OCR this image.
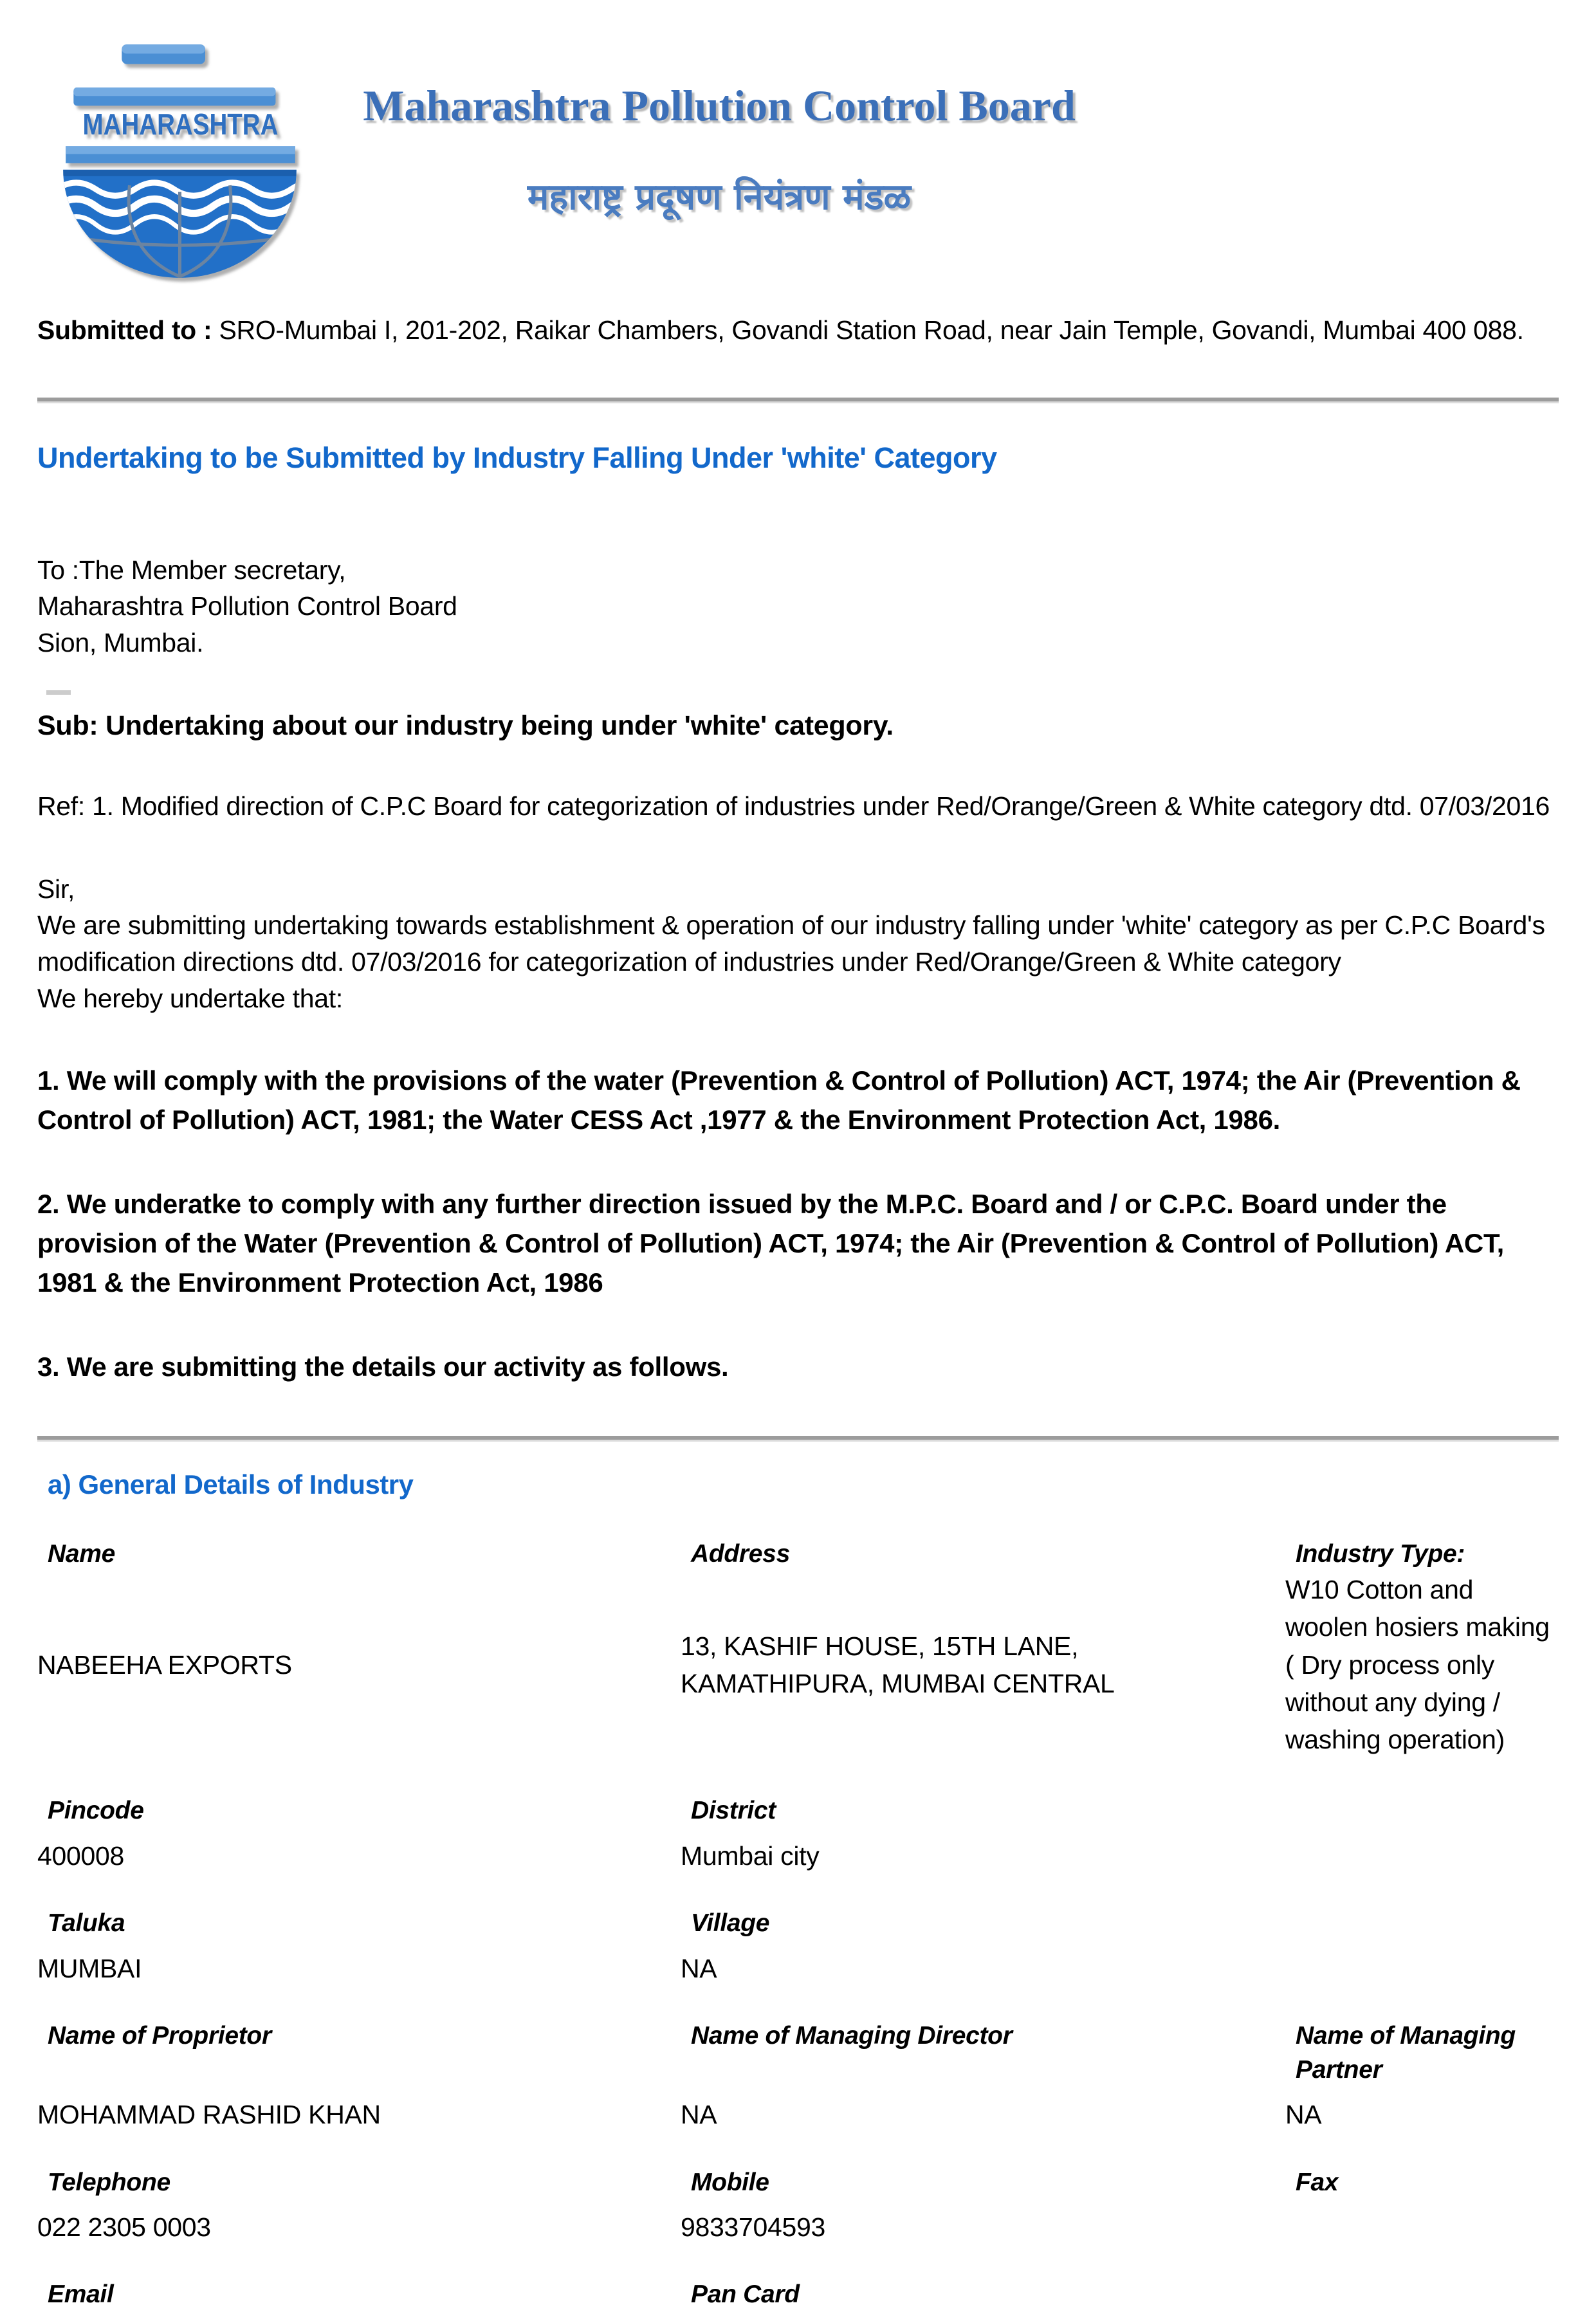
MAHARASHTRA Maharashtra Pollution Control Board
महाराष्ट्र प्रदूषण नियंत्रण मंडळ

Submitted to : SRO-Mumbai I, 201-202, Raikar Chambers, Govandi Station Road, near Jain Temple, Govandi, Mumbai 400 088.

Undertaking to be Submitted by Industry Falling Under 'white' Category
To :The Member secretary,
Maharashtra Pollution Control Board
Sion, Mumbai.
Sub: Undertaking about our industry being under 'white' category.

Ref: 1. Modified direction of C.P.C Board for categorization of industries under Red/Orange/Green & White category dtd. 07/03/2016

Sir,
We are submitting undertaking towards establishment & operation of our industry falling under 'white' category as per C.P.C Board's modification directions dtd. 07/03/2016 for categorization of industries under Red/Orange/Green & White category
We hereby undertake that:

1. We will comply with the provisions of the water (Prevention & Control of Pollution) ACT, 1974; the Air (Prevention & Control of Pollution) ACT, 1981; the Water CESS Act ,1977 & the Environment Protection Act, 1986.

2. We underatke to comply with any further direction issued by the M.P.C. Board and / or C.P.C. Board under the provision of the Water (Prevention & Control of Pollution) ACT, 1974; the Air (Prevention & Control of Pollution) ACT, 1981 & the Environment Protection Act, 1986

3. We are submitting the details our activity as follows.

a) General Details of Industry
Name
NABEEHA EXPORTS
Address
13, KASHIF HOUSE, 15TH LANE, KAMATHIPURA, MUMBAI CENTRAL
Industry Type:
W10 Cotton and woolen hosiers making ( Dry process only without any dying / washing operation)
Pincode
400008
District
Mumbai city
Taluka
MUMBAI
Village
NA
Name of Proprietor
MOHAMMAD RASHID KHAN
Name of Managing Director
NA
Name of Managing Partner
NA
Telephone
022 2305 0003
Mobile
9833704593
Fax
Email	Pan Card
